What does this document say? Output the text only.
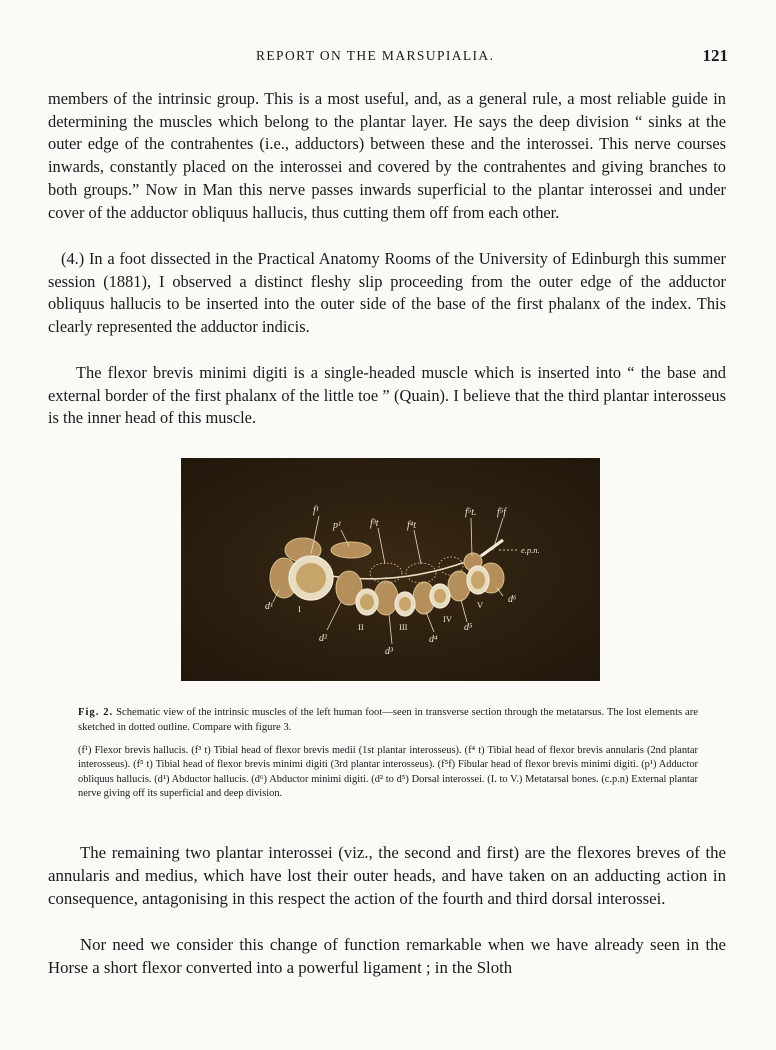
REPORT ON THE MARSUPIALIA.	121

members of the intrinsic group. This is a most useful, and, as a general rule, a most reliable guide in determining the muscles which belong to the plantar layer. He says the deep division “ sinks at the outer edge of the contrahentes (i.e., adductors) between these and the interossei. This nerve courses inwards, constantly placed on the interossei and covered by the contrahentes and giving branches to both groups.” Now in Man this nerve passes inwards superficial to the plantar interossei and under cover of the adductor obliquus hallucis, thus cutting them off from each other.

(4.) In a foot dissected in the Practical Anatomy Rooms of the University of Edinburgh this summer session (1881), I observed a distinct fleshy slip proceeding from the outer edge of the adductor obliquus hallucis to be inserted into the outer side of the base of the first phalanx of the index. This clearly represented the adductor indicis.

The flexor brevis minimi digiti is a single-headed muscle which is inserted into “ the base and external border of the first phalanx of the little toe ” (Quain). I believe that the third plantar interosseus is the inner head of this muscle.

f¹
p¹	f³t	f⁴t
f⁵t. f⁵f
e.p.n.
d¹
d²
d³
d⁴
d⁵
d⁶
I
II	III
IV
V

Fig. 2. Schematic view of the intrinsic muscles of the left human foot—seen in transverse section through the metatarsus. The lost elements are sketched in dotted outline. Compare with figure 3.

(f¹) Flexor brevis hallucis. (f³ t) Tibial head of flexor brevis medii (1st plantar interosseus). (f⁴ t) Tibial head of flexor brevis annularis (2nd plantar interosseus). (f⁵ t) Tibial head of flexor brevis minimi digiti (3rd plantar interosseus). (f⁵f) Fibular head of flexor brevis minimi digiti. (p¹) Adductor obliquus hallucis. (d¹) Abductor hallucis. (d⁶) Abductor minimi digiti. (d² to d⁵) Dorsal interossei. (I. to V.) Metatarsal bones. (c.p.n) External plantar nerve giving off its superficial and deep division.

The remaining two plantar interossei (viz., the second and first) are the flexores breves of the annularis and medius, which have lost their outer heads, and have taken on an adducting action in consequence, antagonising in this respect the action of the fourth and third dorsal interossei.

Nor need we consider this change of function remarkable when we have already seen in the Horse a short flexor converted into a powerful ligament ; in the Sloth
